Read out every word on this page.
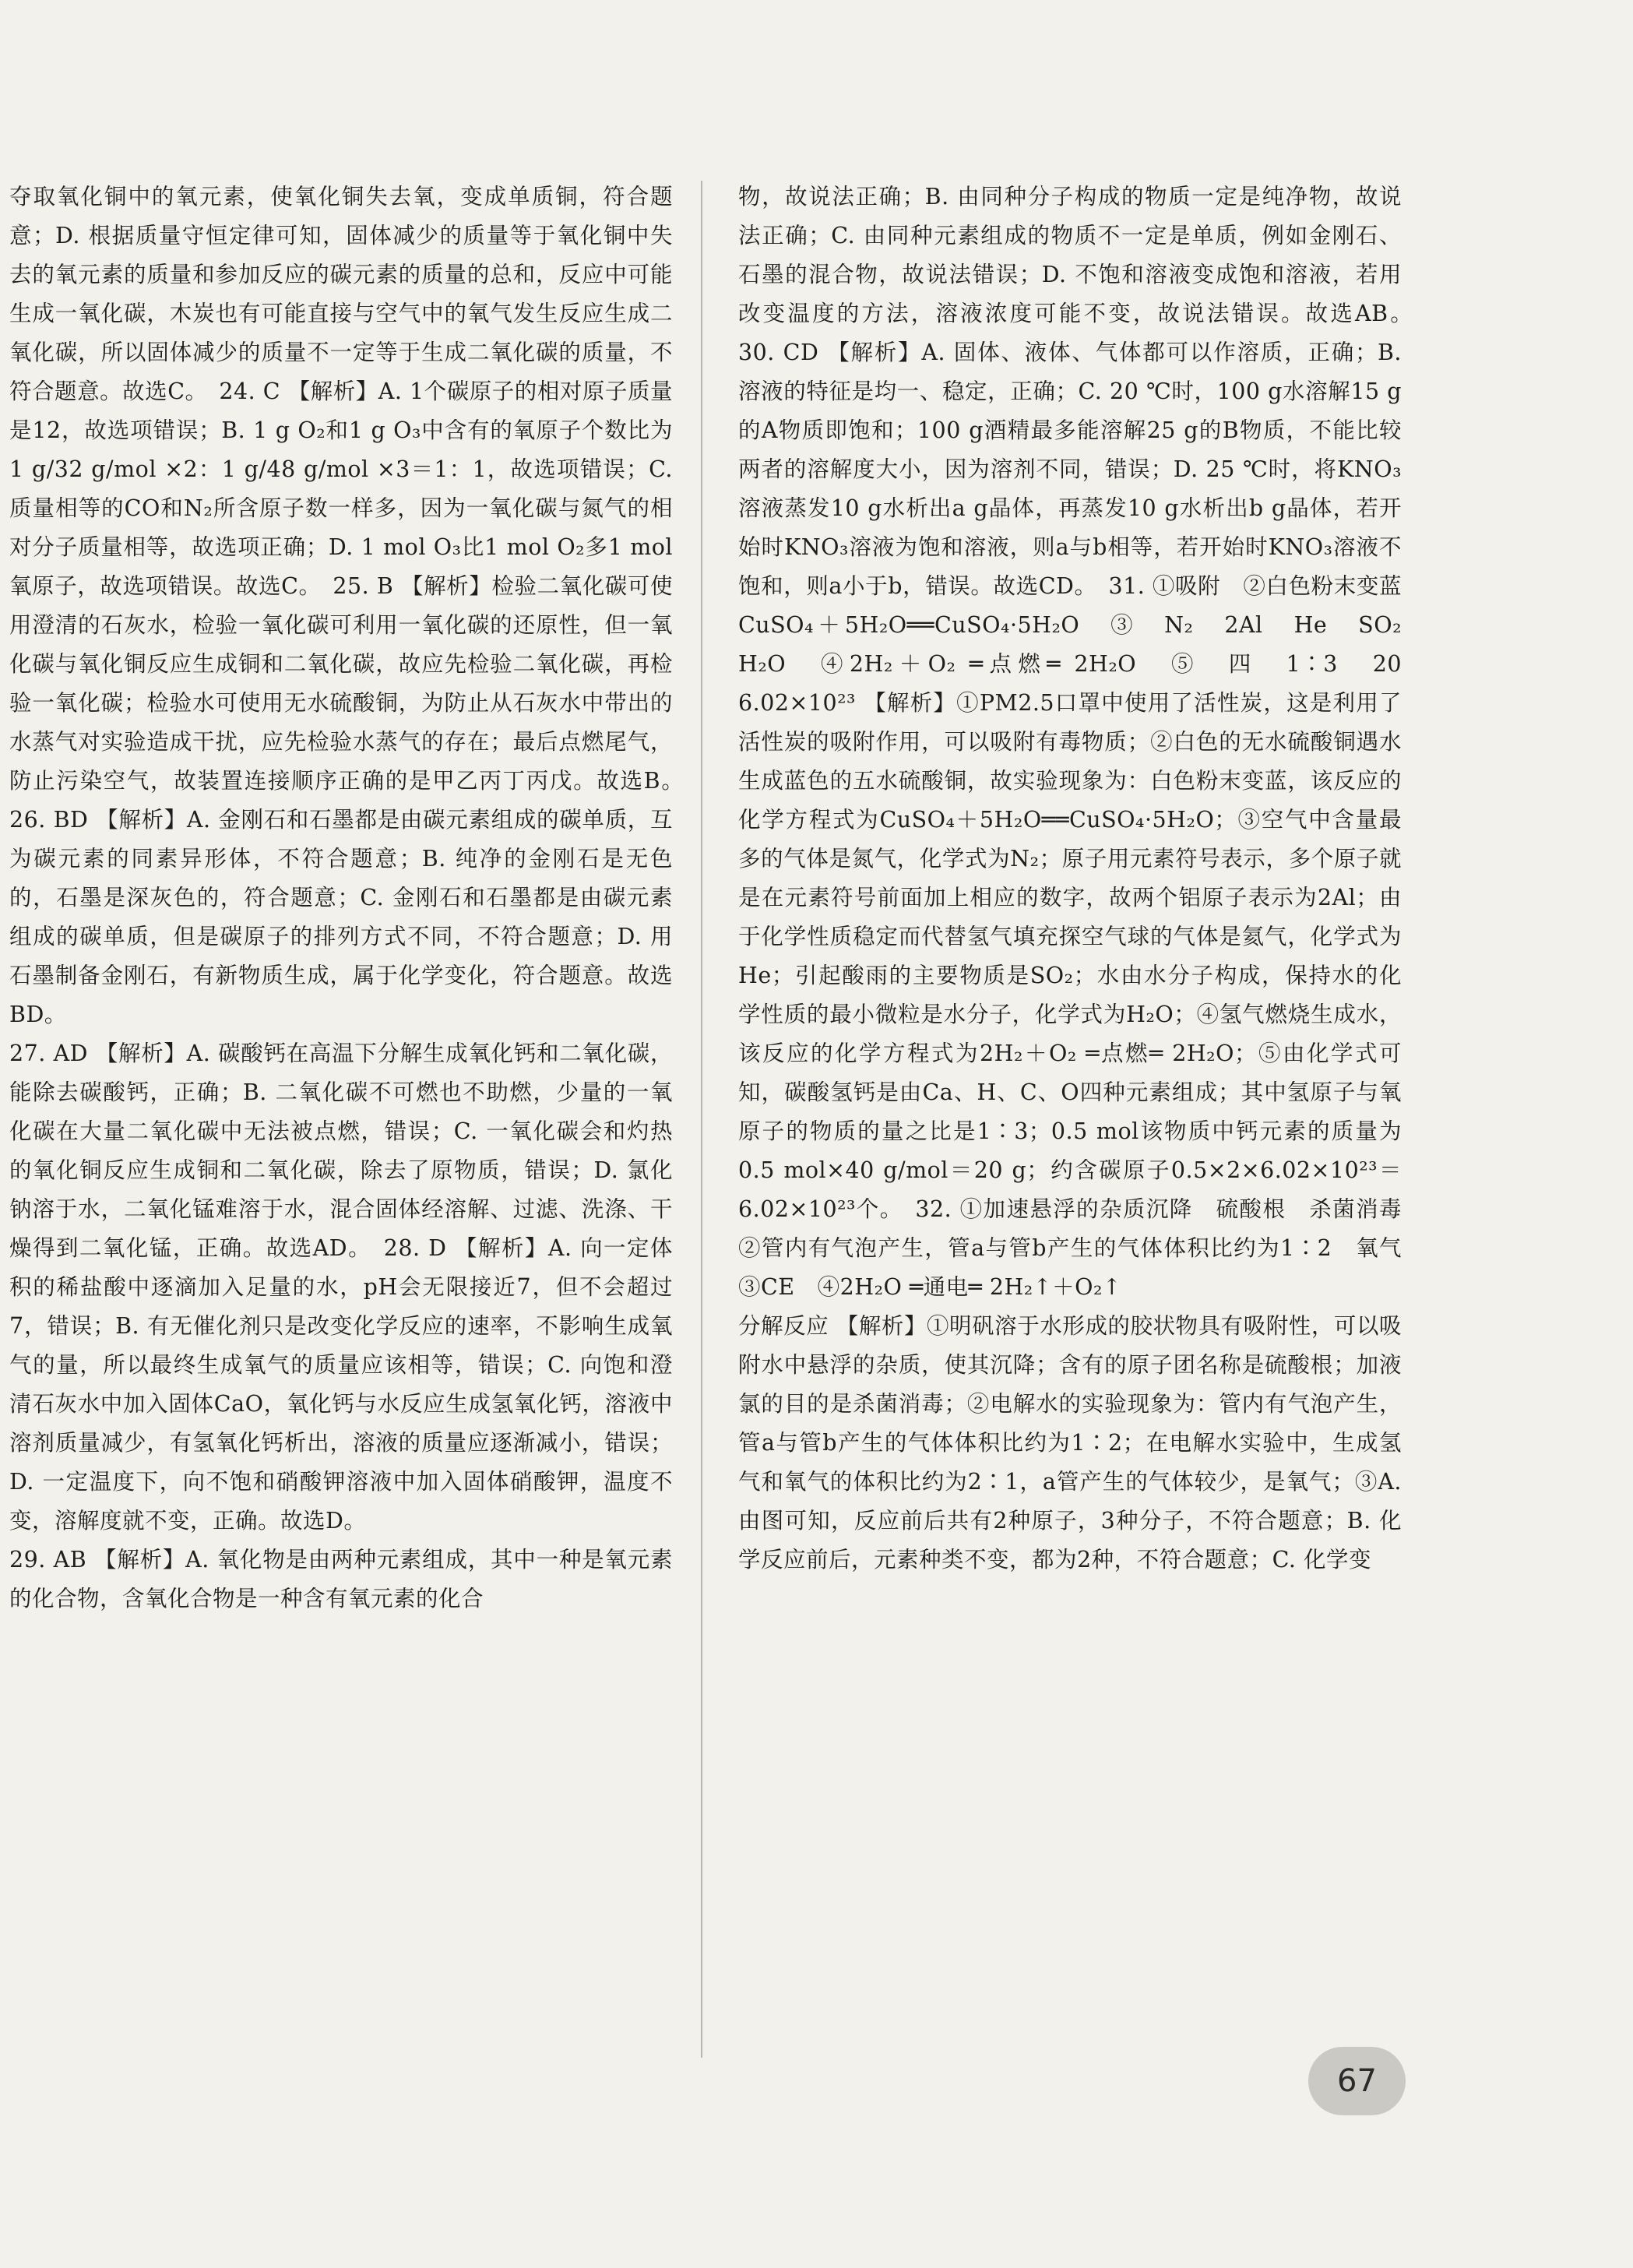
夺取氧化铜中的氧元素，使氧化铜失去氧，变成单质铜，符合题意；D. 根据质量守恒定律可知，固体减少的质量等于氧化铜中失去的氧元素的质量和参加反应的碳元素的质量的总和，反应中可能生成一氧化碳，木炭也有可能直接与空气中的氧气发生反应生成二氧化碳，所以固体减少的质量不一定等于生成二氧化碳的质量，不符合题意。故选C。　24. C 【解析】A. 1个碳原子的相对原子质量是12，故选项错误；B. 1 g O₂和1 g O₃中含有的氧原子个数比为 1 g/32 g/mol ×2：1 g/48 g/mol ×3＝1：1，故选项错误；C. 质量相等的CO和N₂所含原子数一样多，因为一氧化碳与氮气的相对分子质量相等，故选项正确；D. 1 mol O₃比1 mol O₂多1 mol氧原子，故选项错误。故选C。　25. B 【解析】检验二氧化碳可使用澄清的石灰水，检验一氧化碳可利用一氧化碳的还原性，但一氧化碳与氧化铜反应生成铜和二氧化碳，故应先检验二氧化碳，再检验一氧化碳；检验水可使用无水硫酸铜，为防止从石灰水中带出的水蒸气对实验造成干扰，应先检验水蒸气的存在；最后点燃尾气，防止污染空气，故装置连接顺序正确的是甲乙丙丁丙戊。故选B。　26. BD 【解析】A. 金刚石和石墨都是由碳元素组成的碳单质，互为碳元素的同素异形体，不符合题意；B. 纯净的金刚石是无色的，石墨是深灰色的，符合题意；C. 金刚石和石墨都是由碳元素组成的碳单质，但是碳原子的排列方式不同，不符合题意；D. 用石墨制备金刚石，有新物质生成，属于化学变化，符合题意。故选BD。

27. AD 【解析】A. 碳酸钙在高温下分解生成氧化钙和二氧化碳，能除去碳酸钙，正确；B. 二氧化碳不可燃也不助燃，少量的一氧化碳在大量二氧化碳中无法被点燃，错误；C. 一氧化碳会和灼热的氧化铜反应生成铜和二氧化碳，除去了原物质，错误；D. 氯化钠溶于水，二氧化锰难溶于水，混合固体经溶解、过滤、洗涤、干燥得到二氧化锰，正确。故选AD。　28. D 【解析】A. 向一定体积的稀盐酸中逐滴加入足量的水，pH会无限接近7，但不会超过7，错误；B. 有无催化剂只是改变化学反应的速率，不影响生成氧气的量，所以最终生成氧气的质量应该相等，错误；C. 向饱和澄清石灰水中加入固体CaO，氧化钙与水反应生成氢氧化钙，溶液中溶剂质量减少，有氢氧化钙析出，溶液的质量应逐渐减小，错误；D. 一定温度下，向不饱和硝酸钾溶液中加入固体硝酸钾，温度不变，溶解度就不变，正确。故选D。

29. AB 【解析】A. 氧化物是由两种元素组成，其中一种是氧元素的化合物，含氧化合物是一种含有氧元素的化合

物，故说法正确；B. 由同种分子构成的物质一定是纯净物，故说法正确；C. 由同种元素组成的物质不一定是单质，例如金刚石、石墨的混合物，故说法错误；D. 不饱和溶液变成饱和溶液，若用改变温度的方法，溶液浓度可能不变，故说法错误。故选AB。　30. CD 【解析】A. 固体、液体、气体都可以作溶质，正确；B. 溶液的特征是均一、稳定，正确；C. 20 ℃时，100 g水溶解15 g的A物质即饱和；100 g酒精最多能溶解25 g的B物质，不能比较两者的溶解度大小，因为溶剂不同，错误；D. 25 ℃时，将KNO₃溶液蒸发10 g水析出a g晶体，再蒸发10 g水析出b g晶体，若开始时KNO₃溶液为饱和溶液，则a与b相等，若开始时KNO₃溶液不饱和，则a小于b，错误。故选CD。　31. ①吸附　②白色粉末变蓝　CuSO₄＋5H₂O══CuSO₄·5H₂O　③　N₂　2Al　He　SO₂　H₂O　④2H₂＋O₂ ═点燃═ 2H₂O　⑤　四　1∶3　20　6.02×10²³ 【解析】①PM2.5口罩中使用了活性炭，这是利用了活性炭的吸附作用，可以吸附有毒物质；②白色的无水硫酸铜遇水生成蓝色的五水硫酸铜，故实验现象为：白色粉末变蓝，该反应的化学方程式为CuSO₄＋5H₂O══CuSO₄·5H₂O；③空气中含量最多的气体是氮气，化学式为N₂；原子用元素符号表示，多个原子就是在元素符号前面加上相应的数字，故两个铝原子表示为2Al；由于化学性质稳定而代替氢气填充探空气球的气体是氦气，化学式为He；引起酸雨的主要物质是SO₂；水由水分子构成，保持水的化学性质的最小微粒是水分子，化学式为H₂O；④氢气燃烧生成水，该反应的化学方程式为2H₂＋O₂ ═点燃═ 2H₂O；⑤由化学式可知，碳酸氢钙是由Ca、H、C、O四种元素组成；其中氢原子与氧原子的物质的量之比是1∶3；0.5 mol该物质中钙元素的质量为0.5 mol×40 g/mol＝20 g；约含碳原子0.5×2×6.02×10²³＝6.02×10²³个。　32. ①加速悬浮的杂质沉降　硫酸根　杀菌消毒　②管内有气泡产生，管a与管b产生的气体体积比约为1∶2　氧气　③CE　④2H₂O ═通电═ 2H₂↑＋O₂↑

分解反应 【解析】①明矾溶于水形成的胶状物具有吸附性，可以吸附水中悬浮的杂质，使其沉降；含有的原子团名称是硫酸根；加液氯的目的是杀菌消毒；②电解水的实验现象为：管内有气泡产生，管a与管b产生的气体体积比约为1∶2；在电解水实验中，生成氢气和氧气的体积比约为2∶1，a管产生的气体较少，是氧气；③A. 由图可知，反应前后共有2种原子，3种分子，不符合题意；B. 化学反应前后，元素种类不变，都为2种，不符合题意；C. 化学变

67
